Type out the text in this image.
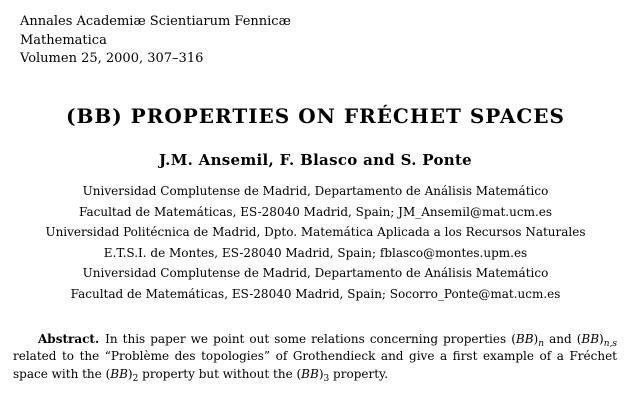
Annales Academiæ Scientiarum Fennicæ
Mathematica
Volumen 25, 2000, 307–316
(BB) PROPERTIES ON FRÉCHET SPACES
J.M. Ansemil, F. Blasco and S. Ponte
Universidad Complutense de Madrid, Departamento de Análisis Matemático
Facultad de Matemáticas, ES-28040 Madrid, Spain; JM_Ansemil@mat.ucm.es
Universidad Politécnica de Madrid, Dpto. Matemática Aplicada a los Recursos Naturales
E.T.S.I. de Montes, ES-28040 Madrid, Spain; fblasco@montes.upm.es
Universidad Complutense de Madrid, Departamento de Análisis Matemático
Facultad de Matemáticas, ES-28040 Madrid, Spain; Socorro_Ponte@mat.ucm.es

Abstract. In this paper we point out some relations concerning properties $(BB)_n$ and $(BB)_{n,s}$ related to the “Problème des topologies” of Grothendieck and give a first example of a Fréchet space with the $(BB)_2$ property but without the $(BB)_3$ property.
